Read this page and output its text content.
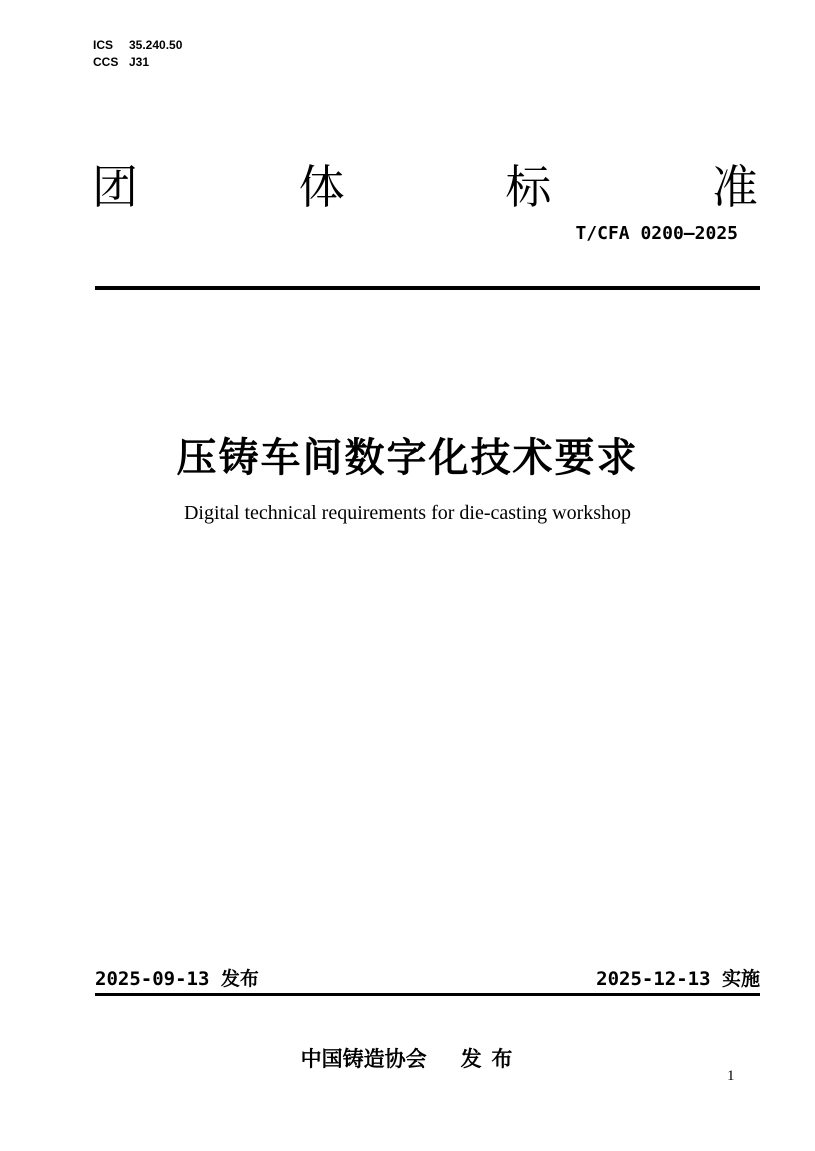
ICS 35.240.50
CCS J31
团	体	标	准
T/CFA 0200—2025
压铸车间数字化技术要求
Digital technical requirements for die-casting workshop
2025-09-13 发布	2025-12-13 实施
中国铸造协会 发 布
1
